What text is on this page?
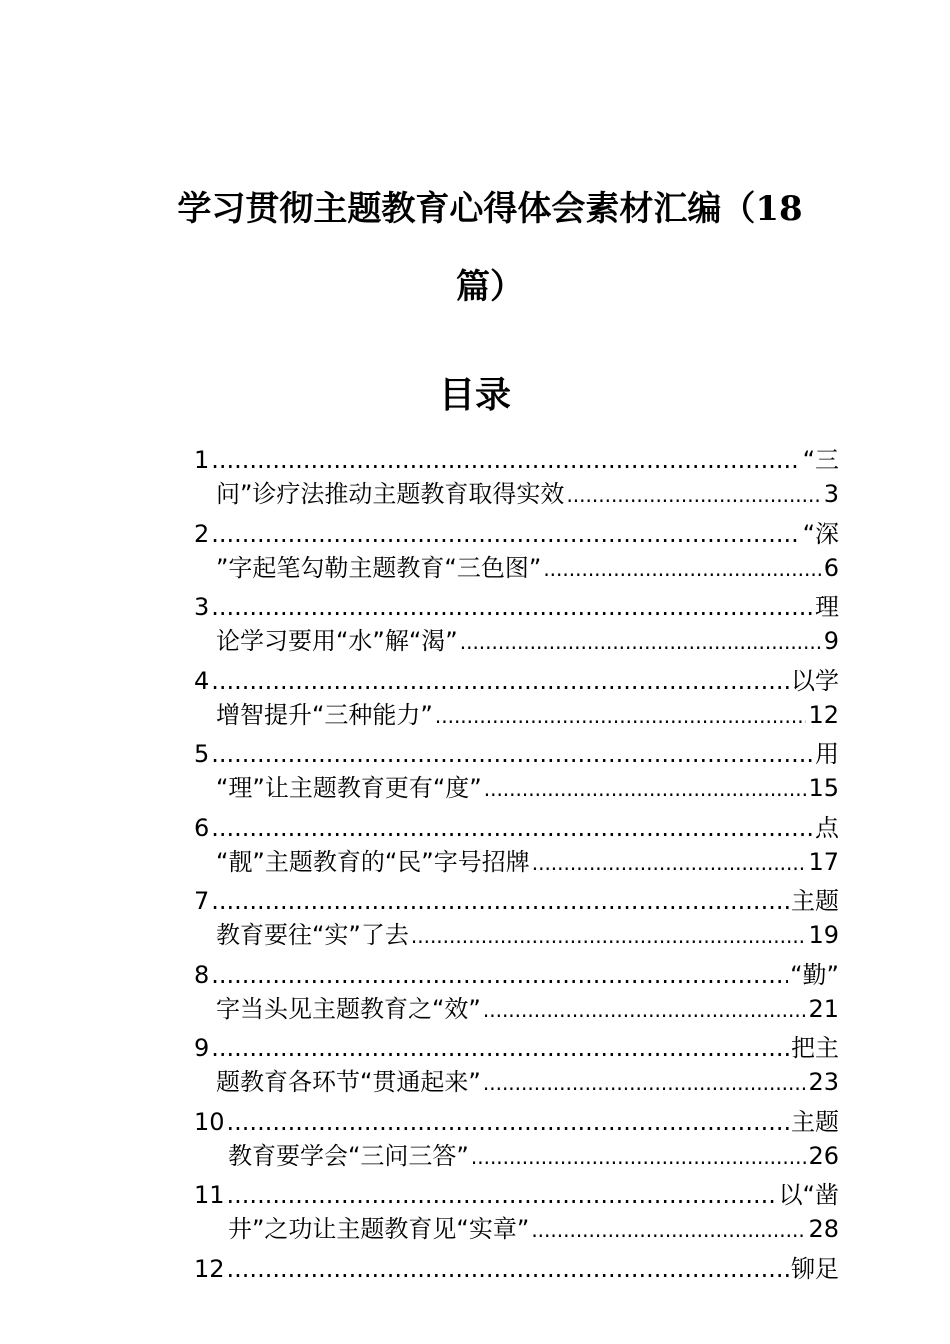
学习贯彻主题教育心得体会素材汇编（18
篇）
目录
1 .....	“三
问”诊疗法推动主题教育取得实效 .....	3
2 .....	“深
”字起笔勾勒主题教育“三色图” .....	6
3 .....	理
论学习要用“水”解“渴” .....	9
4 .....	以学
增智提升“三种能力” .....	12
5 .....	用
“理”让主题教育更有“度” .....	15
6 .....	点
“靓”主题教育的“民”字号招牌 .....	17
7 .....	主题
教育要往“实”了去 .....	19
8 .....	“勤”
字当头见主题教育之“效” .....	21
9 .....	把主
题教育各环节“贯通起来” .....	23
10 .....	主题
教育要学会“三问三答” .....	26
11 .....	以“凿
井”之功让主题教育见“实章” .....	28
12 .....	铆足
